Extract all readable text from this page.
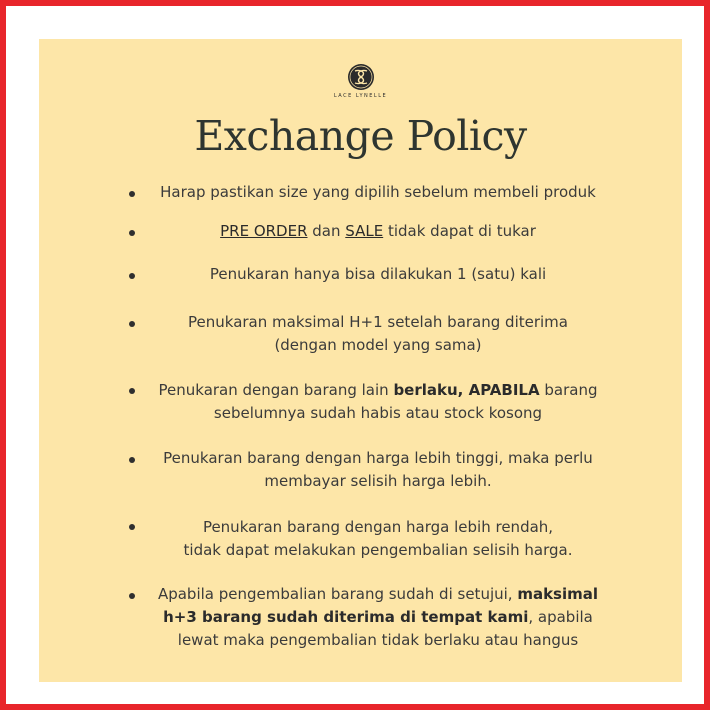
LACE LYNELLE
Exchange Policy
Harap pastikan size yang dipilih sebelum membeli produk
PRE ORDER dan SALE tidak dapat di tukar
Penukaran hanya bisa dilakukan 1 (satu) kali
Penukaran maksimal H+1 setelah barang diterima
(dengan model yang sama)
Penukaran dengan barang lain berlaku, APABILA barang
sebelumnya sudah habis atau stock kosong
Penukaran barang dengan harga lebih tinggi, maka perlu
membayar selisih harga lebih.
Penukaran barang dengan harga lebih rendah,
tidak dapat melakukan pengembalian selisih harga.
Apabila pengembalian barang sudah di setujui, maksimal
h+3 barang sudah diterima di tempat kami, apabila
lewat maka pengembalian tidak berlaku atau hangus
